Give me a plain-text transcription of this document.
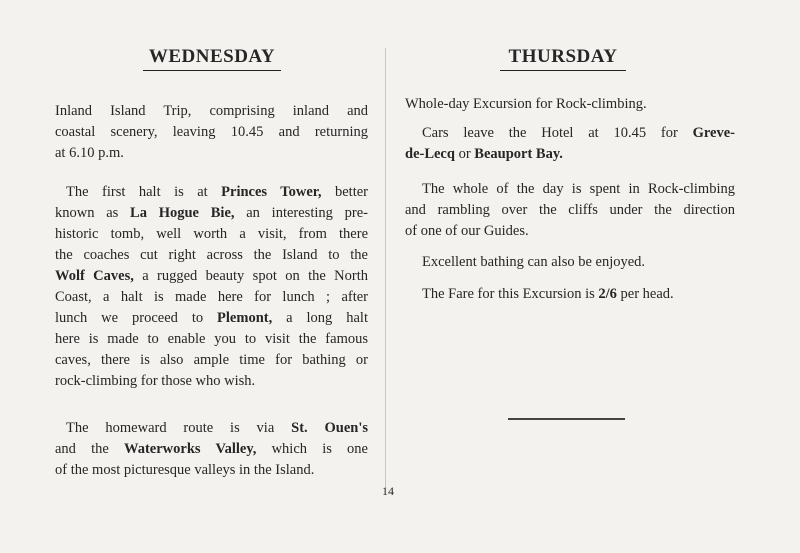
WEDNESDAY	THURSDAY
14
Inland Island Trip, comprising inland and
coastal scenery, leaving 10.45 and returning
at 6.10 p.m.
The first halt is at Princes Tower, better
known as La Hogue Bie, an interesting pre-
historic tomb, well worth a visit, from there
the coaches cut right across the Island to the
Wolf Caves, a rugged beauty spot on the North
Coast, a halt is made here for lunch ; after
lunch we proceed to Plemont, a long halt
here is made to enable you to visit the famous
caves, there is also ample time for bathing or
rock-climbing for those who wish.
The homeward route is via St. Ouen's
and the Waterworks Valley, which is one
of the most picturesque valleys in the Island.
Whole-day Excursion for Rock-climbing.
Cars leave the Hotel at 10.45 for Greve-
de-Lecq or Beauport Bay.
The whole of the day is spent in Rock-climbing
and rambling over the cliffs under the direction
of one of our Guides.
Excellent bathing can also be enjoyed.
The Fare for this Excursion is 2/6 per head.
